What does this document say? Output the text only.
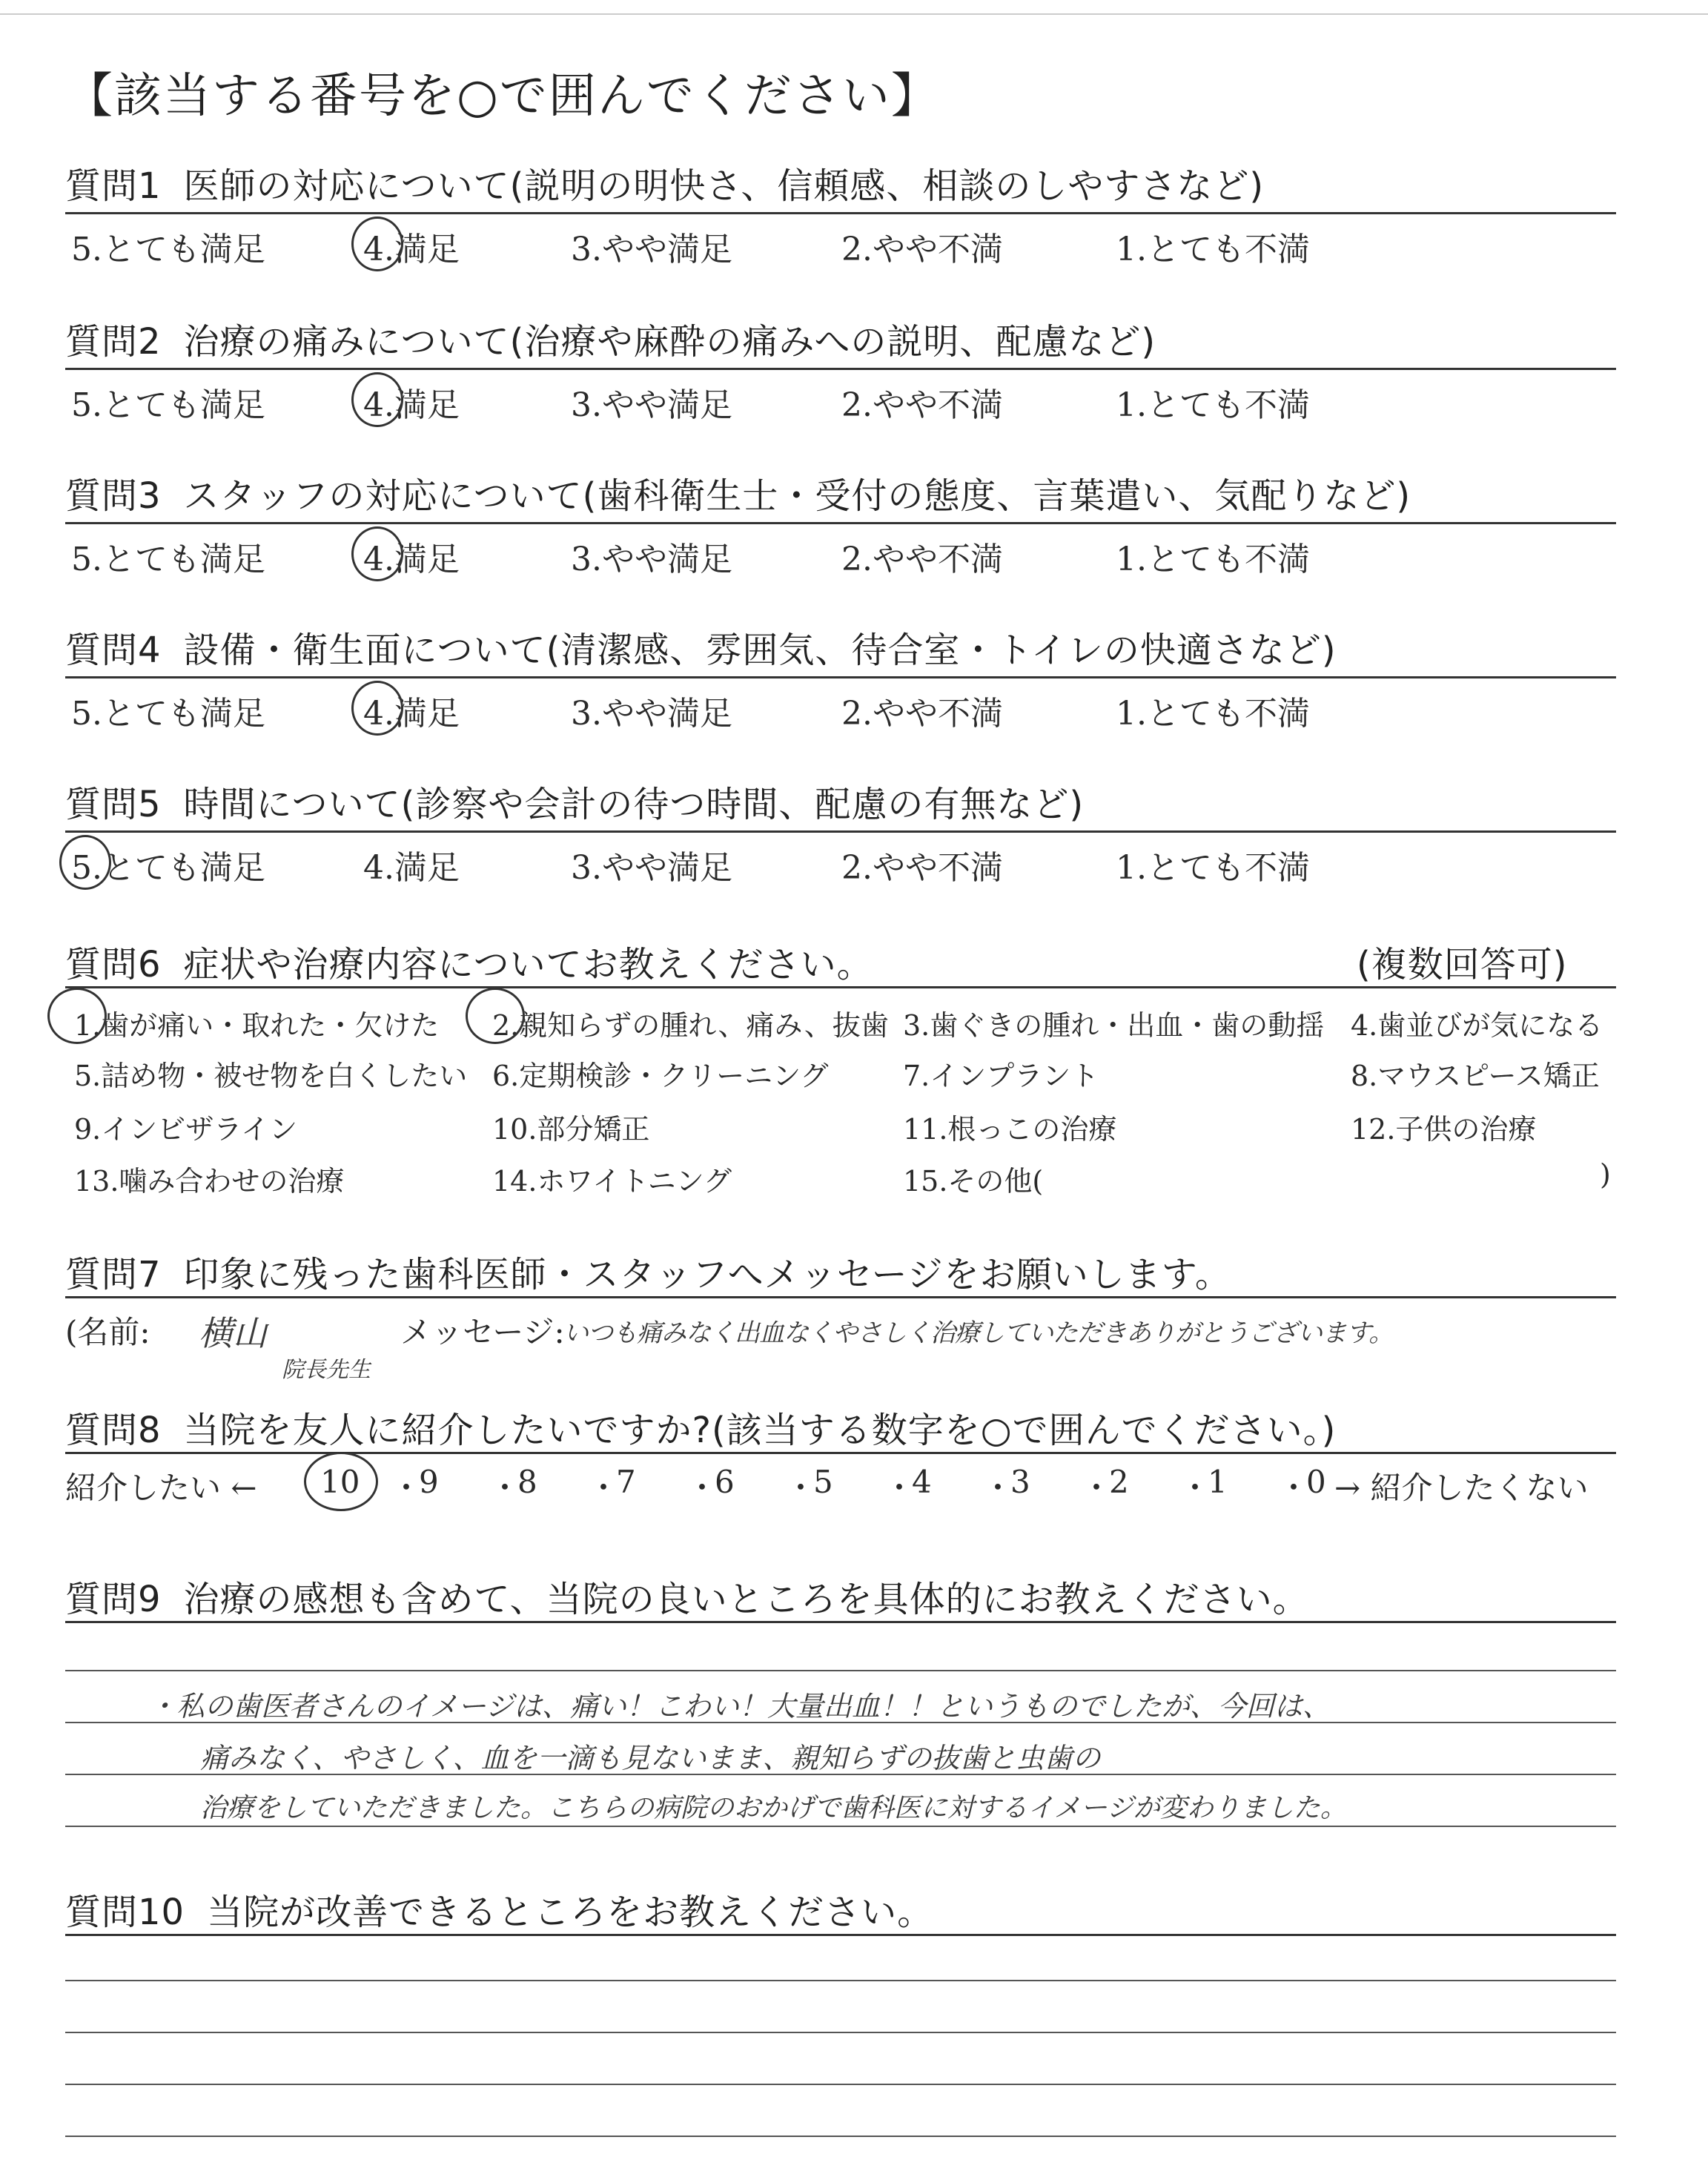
【該当する番号を○で囲んでください】
質問1 医師の対応について(説明の明快さ、信頼感、相談のしやすさなど)
5.とても満足	4.満足	3.やや満足	2.やや不満	1.とても不満
質問2 治療の痛みについて(治療や麻酔の痛みへの説明、配慮など)
5.とても満足	4.満足	3.やや満足	2.やや不満	1.とても不満
質問3 スタッフの対応について(歯科衛生士・受付の態度、言葉遣い、気配りなど)
5.とても満足	4.満足	3.やや満足	2.やや不満	1.とても不満
質問4 設備・衛生面について(清潔感、雰囲気、待合室・トイレの快適さなど)
5.とても満足	4.満足	3.やや満足	2.やや不満	1.とても不満
質問5 時間について(診察や会計の待つ時間、配慮の有無など)
5.とても満足	4.満足	3.やや満足	2.やや不満	1.とても不満
質問6 症状や治療内容についてお教えください。	(複数回答可)
1.歯が痛い・取れた・欠けた 2.親知らずの腫れ、痛み、抜歯 3.歯ぐきの腫れ・出血・歯の動揺 4.歯並びが気になる
5.詰め物・被せ物を白くしたい 6.定期検診・クリーニング	7.インプラント	8.マウスピース矯正
9.インビザライン	10.部分矯正	11.根っこの治療	12.子供の治療
13.噛み合わせの治療	14.ホワイトニング	15.その他(	)
質問7 印象に残った歯科医師・スタッフへメッセージをお願いします。
(名前: 横山
院長先生
メッセージ:
いつも痛みなく出血なくやさしく治療していただきありがとうございます。
質問8 当院を友人に紹介したいですか?(該当する数字を○で囲んでください。)
紹介したい ← 10 ・
9 ・
8 ・
7 ・
6 ・
5 ・
4 ・
3 ・
2 ・
1 ・
0 → 紹介したくない
質問9 治療の感想も含めて、当院の良いところを具体的にお教えください。
・私の歯医者さんのイメージは、痛い！こわい！大量出血！！というものでしたが、今回は、
痛みなく、やさしく、血を一滴も見ないまま、親知らずの抜歯と虫歯の
治療をしていただきました。こちらの病院のおかげで歯科医に対するイメージが変わりました。
質問10 当院が改善できるところをお教えください。
